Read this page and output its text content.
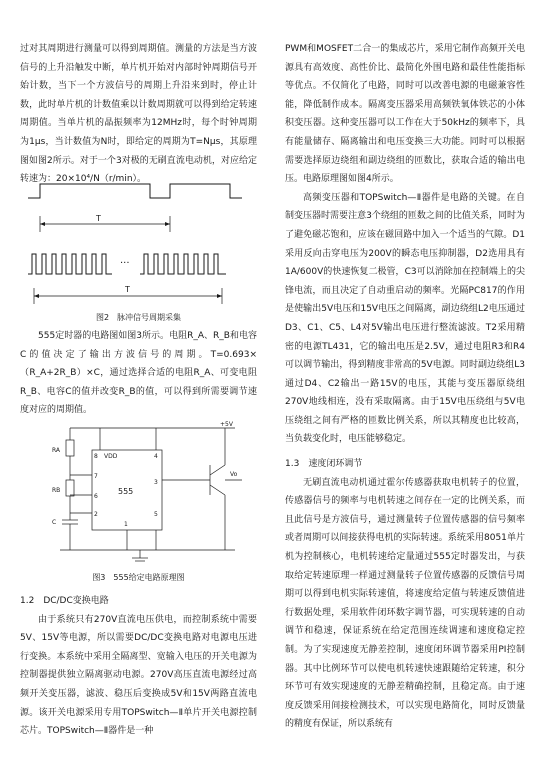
过对其周期进行测量可以得到周期值。测量的方法是当方波信号的上升沿触发中断，单片机开始对内部时钟周期信号开始计数，当下一个方波信号的周期上升沿来到时，停止计数，此时单片机的计数值乘以计数周期就可以得到给定转速周期值。当单片机的晶振频率为12MHz时，每个时钟周期为1μs，当计数值为N时，即给定的周期为T=Nμs，其原理图如图2所示。对于一个3对极的无刷直流电动机，对应给定转速为：20×10⁴/N（r/min）。

T
···
T
图2　脉冲信号周期采集

555定时器的电路图如图3所示。电阻R_A、R_B和电容C的值决定了输出方波信号的周期。T=0.693×（R_A+2R_B）×C，通过选择合适的电阻R_A、可变电阻R_B、电容C的值并改变R_B的值，可以得到所需要调节速度对应的周期值。

+5V
555
8 VDD	4
7
6
2	5
1
3
RA
RB
C
Vo
图3　555给定电路原理图
1.2　DC/DC变换电路

由于系统只有270V直流电压供电，而控制系统中需要5V、15V等电源，所以需要DC/DC变换电路对电源电压进行变换。本系统中采用全隔离型、宽输入电压的开关电源为控制器提供独立隔离驱动电源。270V高压直流电源经过高频开关变压器，滤波、稳压后变换成5V和15V两路直流电源。该开关电源采用专用TOPSwitch—Ⅱ单片开关电源控制芯片。TOPSwitch—Ⅱ器件是一种

PWM和MOSFET二合一的集成芯片，采用它制作高频开关电源具有高效度、高性价比、最简化外围电路和最佳性能指标等优点。不仅简化了电路，同时可以改善电源的电磁兼容性能，降低制作成本。隔离变压器采用高频铁氧体铁芯的小体积变压器。这种变压器可以工作在大于50kHz的频率下，具有能量储存、隔离输出和电压变换三大功能。同时可以根据需要选择原边绕组和副边绕组的匝数比，获取合适的输出电压。电路原理图如图4所示。

高频变压器和TOPSwitch—Ⅱ器件是电路的关键。在自制变压器时需要注意3个绕组的匝数之间的比值关系，同时为了避免磁芯饱和，应该在磁回路中加入一个适当的气隙。D1采用反向击穿电压为200V的瞬态电压抑制器，D2选用具有1A/600V的快速恢复二极管，C3可以消除加在控制端上的尖锋电流，而且决定了自动重启动的频率。光隔PC817的作用是使输出5V电压和15V电压之间隔离，副边绕组L2电压通过D3、C1、C5、L4对5V输出电压进行整流滤波。T2采用精密的电源TL431，它的输出电压是2.5V，通过电阻R3和R4可以调节输出，得到精度非常高的5V电源。同时副边绕组L3通过D4、C2输出一路15V的电压，其能与变压器原绕组270V地线相连，没有采取隔离。由于15V电压绕组与5V电压绕组之间有严格的匝数比例关系，所以其精度也比较高，当负载变化时，电压能够稳定。

1.3　速度闭环调节

无刷直流电动机通过霍尔传感器获取电机转子的位置，传感器信号的频率与电机转速之间存在一定的比例关系，而且此信号是方波信号，通过测量转子位置传感器的信号频率或者周期可以间接获得电机的实际转速。系统采用8051单片机为控制核心，电机转速给定量通过555定时器发出，与获取给定转速原理一样通过测量转子位置传感器的反馈信号周期可以得到电机实际转速值，将速度给定值与转速反馈值进行数据处理，采用软件闭环数字调节器，可实现转速的自动调节和稳速，保证系统在给定范围连续调速和速度稳定控制。为了实现速度无静差控制，速度闭环调节器采用PI控制器。其中比例环节可以使电机转速快速跟随给定转速，积分环节可有效实现速度的无静差精确控制，且稳定高。由于速度反馈采用间接检测技术，可以实现电路简化，同时反馈量的精度有保证，所以系统有
